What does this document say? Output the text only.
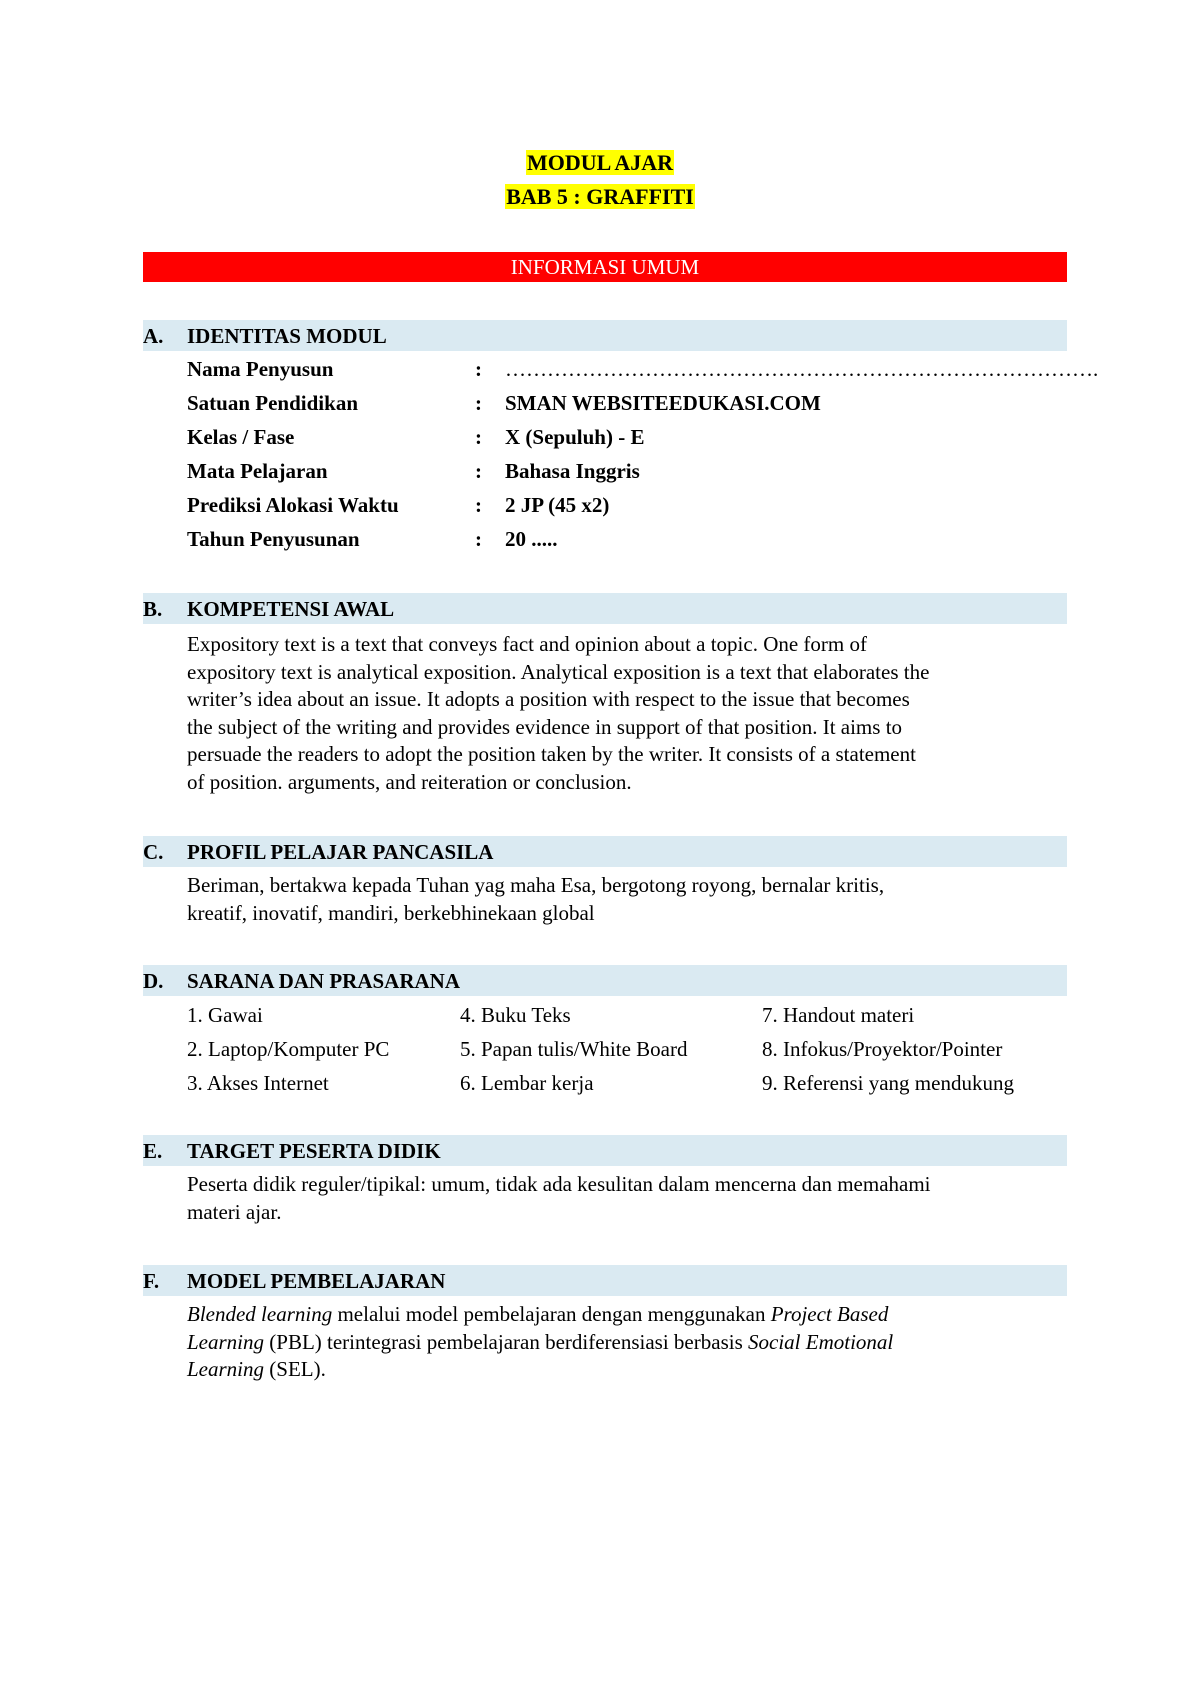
MODUL AJAR
BAB 5 : GRAFFITI
INFORMASI UMUM
A. IDENTITAS MODUL
Nama Penyusun	: ………………………………………………………………………….
Satuan Pendidikan	: SMAN WEBSITEEDUKASI.COM
Kelas / Fase	: X (Sepuluh) - E
Mata Pelajaran	: Bahasa Inggris
Prediksi Alokasi Waktu	: 2 JP (45 x2)
Tahun Penyusunan	: 20 .....
B. KOMPETENSI AWAL
Expository text is a text that conveys fact and opinion about a topic. One form of
expository text is analytical exposition. Analytical exposition is a text that elaborates the
writer’s idea about an issue. It adopts a position with respect to the issue that becomes
the subject of the writing and provides evidence in support of that position. It aims to
persuade the readers to adopt the position taken by the writer. It consists of a statement
of position. arguments, and reiteration or conclusion.
C. PROFIL PELAJAR PANCASILA
Beriman, bertakwa kepada Tuhan yag maha Esa, bergotong royong, bernalar kritis,
kreatif, inovatif, mandiri, berkebhinekaan global
D. SARANA DAN PRASARANA
1. Gawai
2. Laptop/Komputer PC
3. Akses Internet
4. Buku Teks
5. Papan tulis/White Board
6. Lembar kerja
7. Handout materi
8. Infokus/Proyektor/Pointer
9. Referensi yang mendukung
E. TARGET PESERTA DIDIK
Peserta didik reguler/tipikal: umum, tidak ada kesulitan dalam mencerna dan memahami
materi ajar.
F. MODEL PEMBELAJARAN
Blended learning melalui model pembelajaran dengan menggunakan Project Based
Learning (PBL) terintegrasi pembelajaran berdiferensiasi berbasis Social Emotional
Learning (SEL).
